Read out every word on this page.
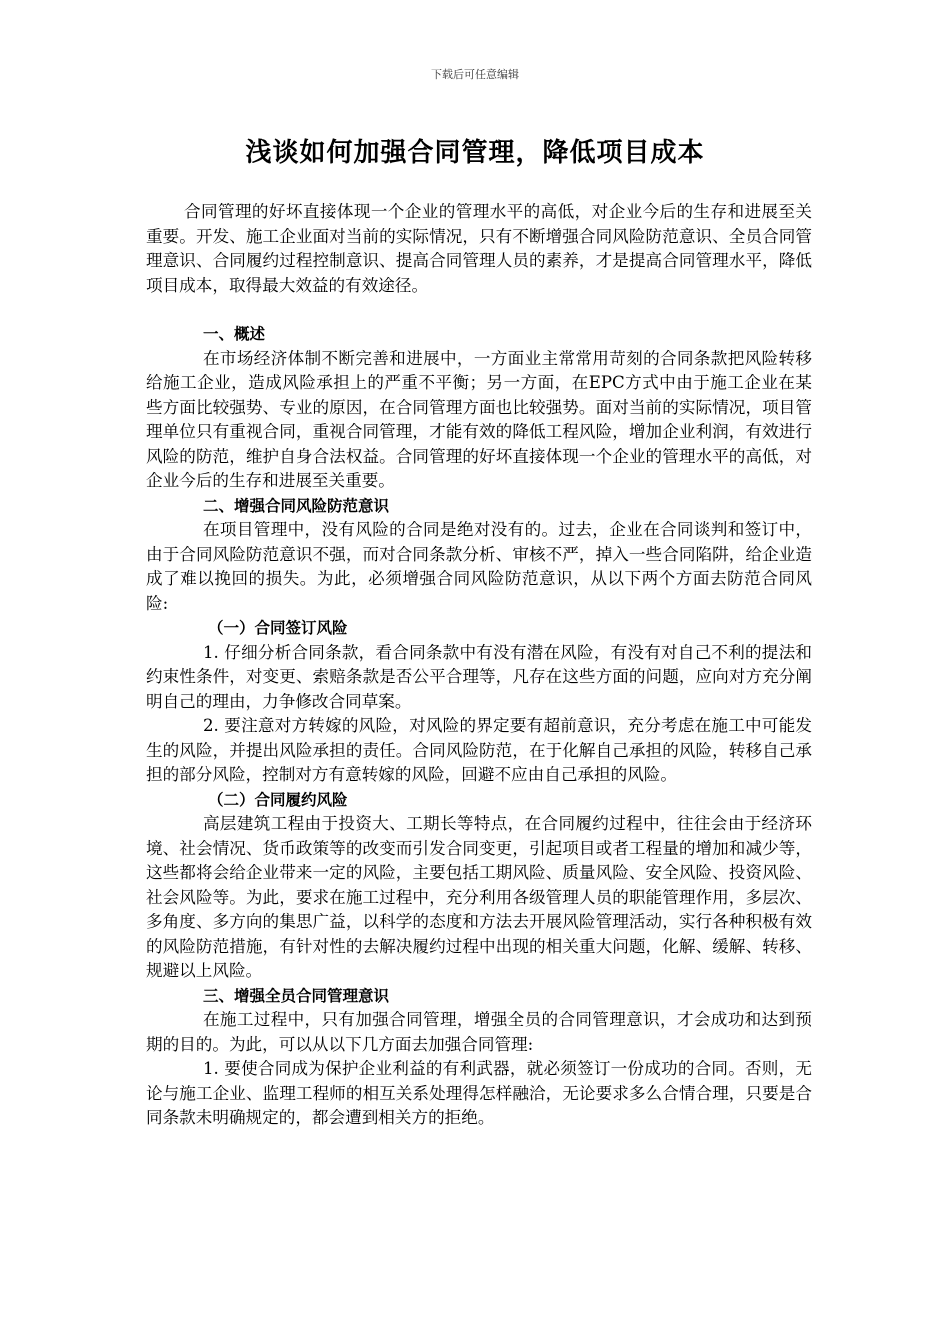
下载后可任意编辑
浅谈如何加强合同管理，降低项目成本

合同管理的好坏直接体现一个企业的管理水平的高低，对企业今后的生存和进展至关重要。开发、施工企业面对当前的实际情况，只有不断增强合同风险防范意识、全员合同管理意识、合同履约过程控制意识、提高合同管理人员的素养，才是提高合同管理水平，降低项目成本，取得最大效益的有效途径。

一、概述

在市场经济体制不断完善和进展中，一方面业主常常用苛刻的合同条款把风险转移给施工企业，造成风险承担上的严重不平衡；另一方面，在EPC方式中由于施工企业在某些方面比较强势、专业的原因，在合同管理方面也比较强势。面对当前的实际情况，项目管理单位只有重视合同，重视合同管理，才能有效的降低工程风险，增加企业利润，有效进行风险的防范，维护自身合法权益。合同管理的好坏直接体现一个企业的管理水平的高低，对企业今后的生存和进展至关重要。

二、增强合同风险防范意识

在项目管理中，没有风险的合同是绝对没有的。过去，企业在合同谈判和签订中，由于合同风险防范意识不强，而对合同条款分析、审核不严，掉入一些合同陷阱，给企业造成了难以挽回的损失。为此，必须增强合同风险防范意识，从以下两个方面去防范合同风险:

（一）合同签订风险

1. 仔细分析合同条款，看合同条款中有没有潜在风险，有没有对自己不利的提法和约束性条件，对变更、索赔条款是否公平合理等，凡存在这些方面的问题，应向对方充分阐明自己的理由，力争修改合同草案。

2. 要注意对方转嫁的风险，对风险的界定要有超前意识，充分考虑在施工中可能发生的风险，并提出风险承担的责任。合同风险防范，在于化解自己承担的风险，转移自己承担的部分风险，控制对方有意转嫁的风险，回避不应由自己承担的风险。

（二）合同履约风险

高层建筑工程由于投资大、工期长等特点，在合同履约过程中，往往会由于经济环境、社会情况、货币政策等的改变而引发合同变更，引起项目或者工程量的增加和减少等，这些都将会给企业带来一定的风险，主要包括工期风险、质量风险、安全风险、投资风险、社会风险等。为此，要求在施工过程中，充分利用各级管理人员的职能管理作用，多层次、多角度、多方向的集思广益，以科学的态度和方法去开展风险管理活动，实行各种积极有效的风险防范措施，有针对性的去解决履约过程中出现的相关重大问题，化解、缓解、转移、规避以上风险。

三、增强全员合同管理意识

在施工过程中，只有加强合同管理，增强全员的合同管理意识，才会成功和达到预期的目的。为此，可以从以下几方面去加强合同管理:

1. 要使合同成为保护企业利益的有利武器，就必须签订一份成功的合同。否则，无论与施工企业、监理工程师的相互关系处理得怎样融洽，无论要求多么合情合理，只要是合同条款未明确规定的，都会遭到相关方的拒绝。
